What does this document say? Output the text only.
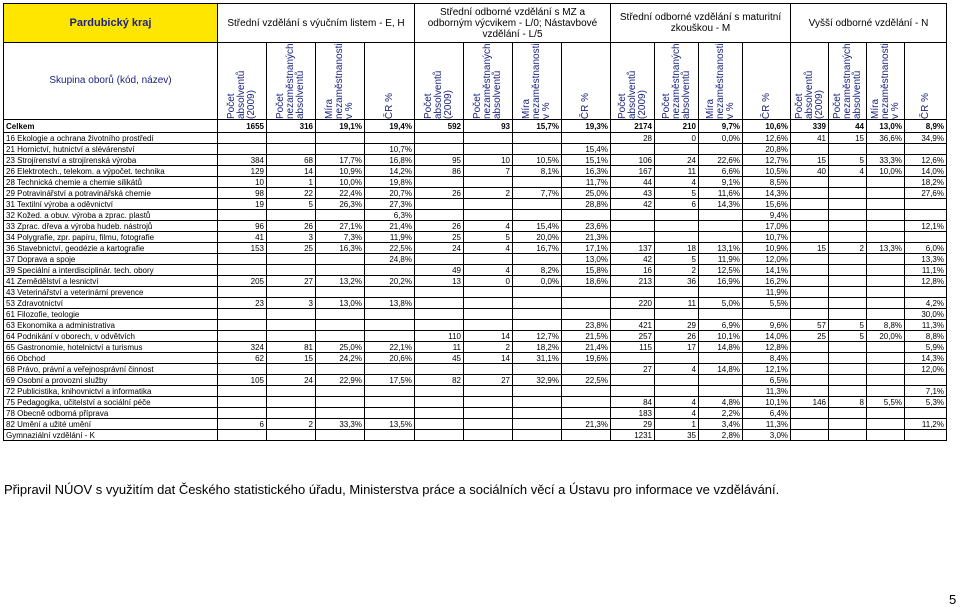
Pardubický kraj	Střední vzdělání s výučním listem - E, H				Střední odborné vzdělání s MZ a odborným výcvikem - L/0; Nástavbové vzdělání - L/5				Střední odborné vzdělání s maturitní zkouškou - M				Vyšší odborné vzdělání - N			
Skupina oborů (kód, název)	Počet absolventů (2009)	Počet nezaměstnaných absolventů	Míra nezaměstnanosti v %	ČR %	Počet absolventů (2009)	Počet nezaměstnaných absolventů	Míra nezaměstnanosti v %	ČR %	Počet absolventů (2009)	Počet nezaměstnaných absolventů	Míra nezaměstnanosti v %	ČR %	Počet absolventů (2009)	Počet nezaměstnaných absolventů	Míra nezaměstnanosti v %	ČR %

Celkem	1655	316	19,1%	19,4%	592	93	15,7%	19,3%	2174	210	9,7%	10,6%	339	44	13,0%	8,9%
16 Ekologie a ochrana životního prostředí									28	0	0,0%	12,6%	41	15	36,6%	34,9%
21 Hornictví, hutnictví a slévárenství				10,7%				15,4%				20,8%				
23 Strojírenství a strojírenská výroba	384	68	17,7%	16,8%	95	10	10,5%	15,1%	106	24	22,6%	12,7%	15	5	33,3%	12,6%
26 Elektrotech., telekom. a výpočet. technika	129	14	10,9%	14,2%	86	7	8,1%	16,3%	167	11	6,6%	10,5%	40	4	10,0%	14,0%
28 Technická chemie a chemie silikátů	10	1	10,0%	19,8%				11,7%	44	4	9,1%	8,5%				18,2%
29 Potravinářství a potravinářská chemie	98	22	22,4%	20,7%	26	2	7,7%	25,0%	43	5	11,6%	14,3%				27,6%
31 Textilní výroba a oděvnictví	19	5	26,3%	27,3%				28,8%	42	6	14,3%	15,6%				
32 Kožed. a obuv. výroba a zprac. plastů				6,3%								9,4%				
33 Zprac. dřeva a výroba hudeb. nástrojů	96	26	27,1%	21,4%	26	4	15,4%	23,6%				17,0%				12,1%
34 Polygrafie, zpr. papíru, filmu, fotografie	41	3	7,3%	11,9%	25	5	20,0%	21,3%				10,7%				
36 Stavebnictví, geodézie a kartografie	153	25	16,3%	22,5%	24	4	16,7%	17,1%	137	18	13,1%	10,9%	15	2	13,3%	6,0%
37 Doprava a spoje				24,8%				13,0%	42	5	11,9%	12,0%				13,3%
39 Speciální a interdisciplinár. tech. obory					49	4	8,2%	15,8%	16	2	12,5%	14,1%				11,1%
41 Zemědělství a lesnictví	205	27	13,2%	20,2%	13	0	0,0%	18,6%	213	36	16,9%	16,2%				12,8%
43 Veterinářství a veterinární prevence												11,9%				
53 Zdravotnictví	23	3	13,0%	13,8%					220	11	5,0%	5,5%				4,2%
61 Filozofie, teologie																30,0%
63 Ekonomika a administrativa								23,8%	421	29	6,9%	9,6%	57	5	8,8%	11,3%
64 Podnikání v oborech, v odvětvích					110	14	12,7%	21,5%	257	26	10,1%	14,0%	25	5	20,0%	8,8%
65 Gastronomie, hotelnictví a turismus	324	81	25,0%	22,1%	11	2	18,2%	21,4%	115	17	14,8%	12,8%				5,9%
66 Obchod	62	15	24,2%	20,6%	45	14	31,1%	19,6%				8,4%				14,3%
68 Právo, právní a veřejnosprávní činnost									27	4	14,8%	12,1%				12,0%
69 Osobní a provozní služby	105	24	22,9%	17,5%	82	27	32,9%	22,5%				6,5%				
72 Publicistika, knihovnictví a informatika												11,3%				7,1%
75 Pedagogika, učitelství a sociální péče									84	4	4,8%	10,1%	146	8	5,5%	5,3%
78 Obecně odborná příprava									183	4	2,2%	6,4%				
82 Umění a užité umění	6	2	33,3%	13,5%				21,3%	29	1	3,4%	11,3%				11,2%
Gymnaziální vzdělání - K									1231	35	2,8%	3,0%				
Připravil NÚOV s využitím dat Českého statistického úřadu, Ministerstva práce a sociálních věcí a Ústavu pro informace ve vzdělávání.
5
